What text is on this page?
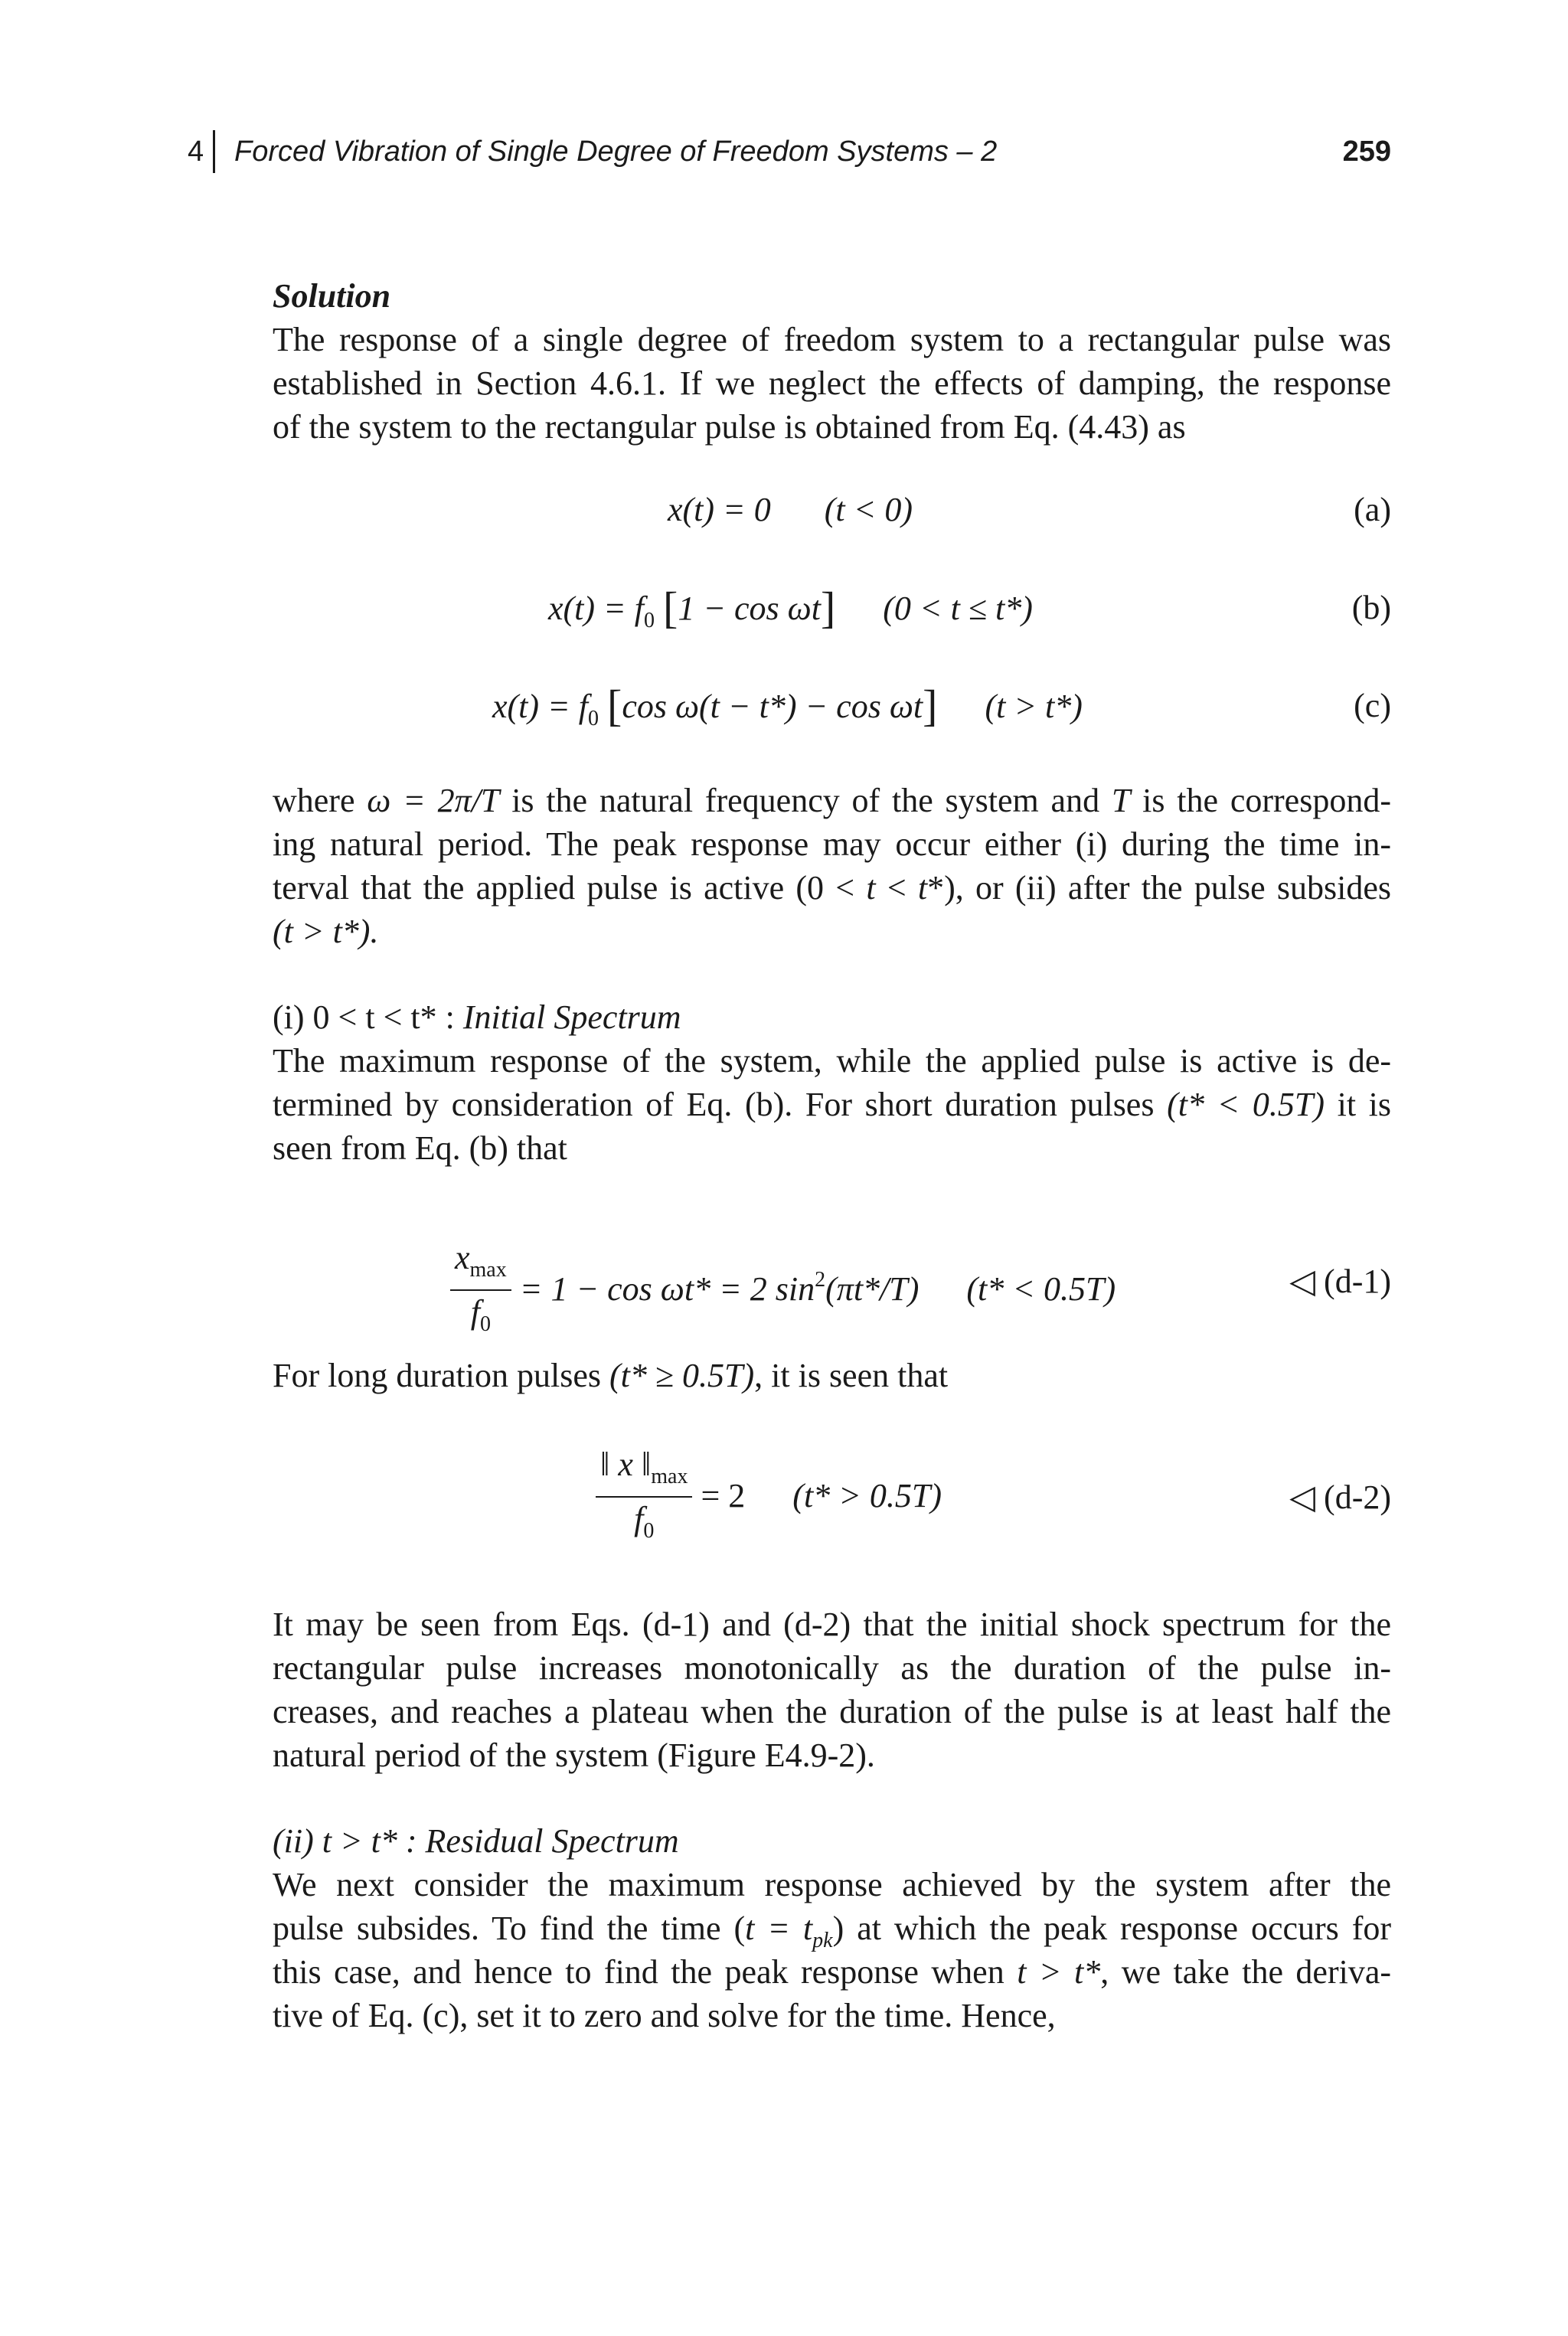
4 Forced Vibration of Single Degree of Freedom Systems – 2	259
Solution
The response of a single degree of freedom system to a rectangular pulse was
established in Section 4.6.1. If we neglect the effects of damping, the response
of the system to the rectangular pulse is obtained from Eq. (4.43) as
x(t) = 0 (t < 0)	(a)
$x(t) = f_0$ [1 − cos ωt] (0 < t ≤ t*)	(b)
$x(t) = f_0$ [cos ω(t − t*) − cos ωt] (t > t*)	(c)
where ω = 2π/T is the natural frequency of the system and T is the correspond-
ing natural period. The peak response may occur either (i) during the time in-
terval that the applied pulse is active (0 < t < t*), or (ii) after the pulse subsides
(t > t*).
(i) 0 < t < t* : Initial Spectrum
The maximum response of the system, while the applied pulse is active is de-
termined by consideration of Eq. (b). For short duration pulses (t* < 0.5T) it is
seen from Eq. (b) that
$\frac{x_{max}}{f_0} = 1 - \cos \omega t* = 2$ $\sin^2(\pi t*/T) (t* < 0.5T)$	◁ (d-1)
For long duration pulses (t* ≥ 0.5T), it is seen that
$\frac{‖ x ‖_{max}}{f_0} = 2$ (t* > 0.5T)	◁ (d-2)
It may be seen from Eqs. (d-1) and (d-2) that the initial shock spectrum for the
rectangular pulse increases monotonically as the duration of the pulse in-
creases, and reaches a plateau when the duration of the pulse is at least half the
natural period of the system (Figure E4.9-2).
(ii) t > t* : Residual Spectrum
We next consider the maximum response achieved by the system after the
pulse subsides. To find the time $(t = t_{pk})$ at which the peak response occurs for
this case, and hence to find the peak response when t > t*, we take the deriva-
tive of Eq. (c), set it to zero and solve for the time. Hence,
